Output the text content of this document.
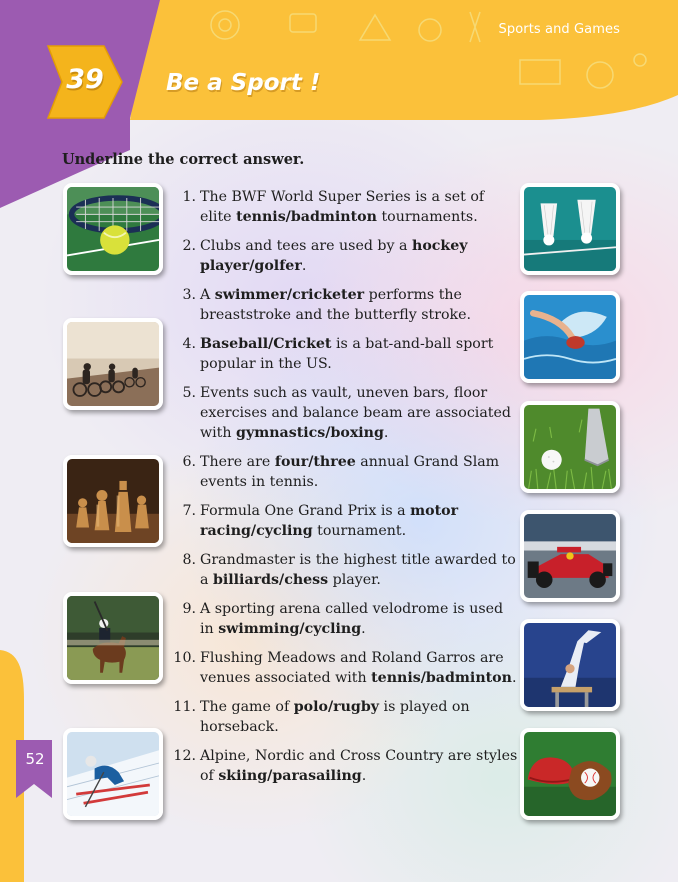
Sports and Games
39	Be a Sport !
Underline the correct answer.
1. The BWF World Super Series is a set of elite tennis/badminton tournaments.
2. Clubs and tees are used by a hockey player/golfer.
3. A swimmer/cricketer performs the breaststroke and the butterfly stroke.
4. Baseball/Cricket is a bat-and-ball sport popular in the US.
5. Events such as vault, uneven bars, floor exercises and balance beam are associated with gymnastics/boxing.
6. There are four/three annual Grand Slam events in tennis.
7. Formula One Grand Prix is a motor racing/cycling tournament.
8. Grandmaster is the highest title awarded to a billiards/chess player.
9. A sporting arena called velodrome is used in swimming/cycling.
10. Flushing Meadows and Roland Garros are venues associated with tennis/badminton.
11. The game of polo/rugby is played on horseback.
12. Alpine, Nordic and Cross Country are styles of skiing/parasailing.
52
